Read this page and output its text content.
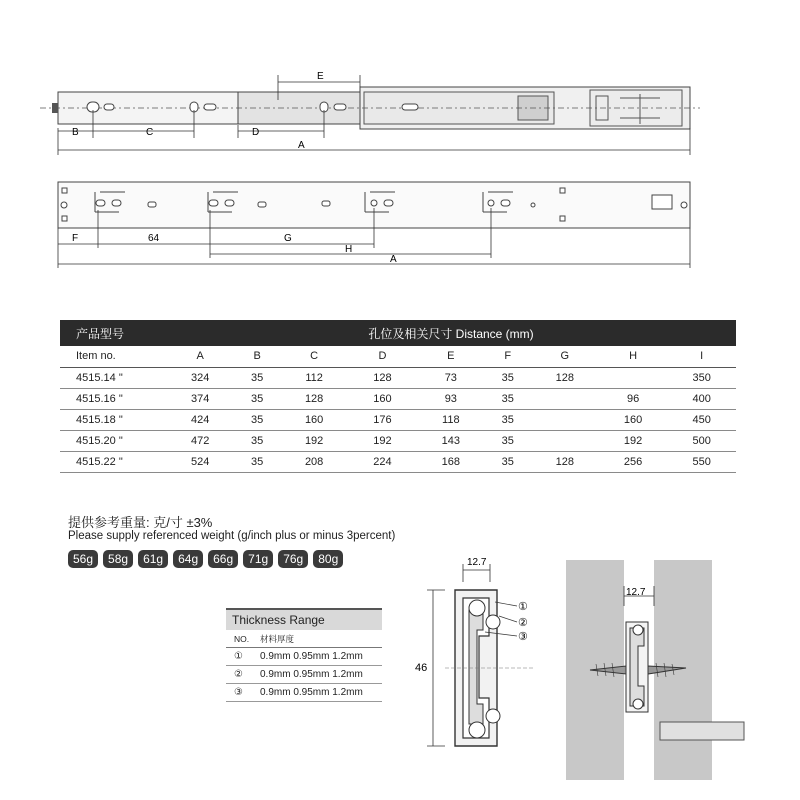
B	C	D
E
A
F	64	G
H
A
产品型号	孔位及相关尺寸 Distance (mm)								
Item no.	A	B	C	D	E	F	G	H	I
4515.14 "	324	35	112	128	73	35	128		350
4515.16 "	374	35	128	160	93	35		96	400
4515.18 "	424	35	160	176	118	35		160	450
4515.20 "	472	35	192	192	143	35		192	500
4515.22 "	524	35	208	224	168	35	128	256	550
提供参考重量: 克/寸 ±3%
Please supply referenced weight (g/inch plus or minus 3percent)
56g	58g	61g	64g	66g	71g	76g	80g
Thickness Range
NO.	材料厚度
①	0.9mm 0.95mm 1.2mm
②	0.9mm 0.95mm 1.2mm
③	0.9mm 0.95mm 1.2mm
12.7
46
①
②
③
12.7
